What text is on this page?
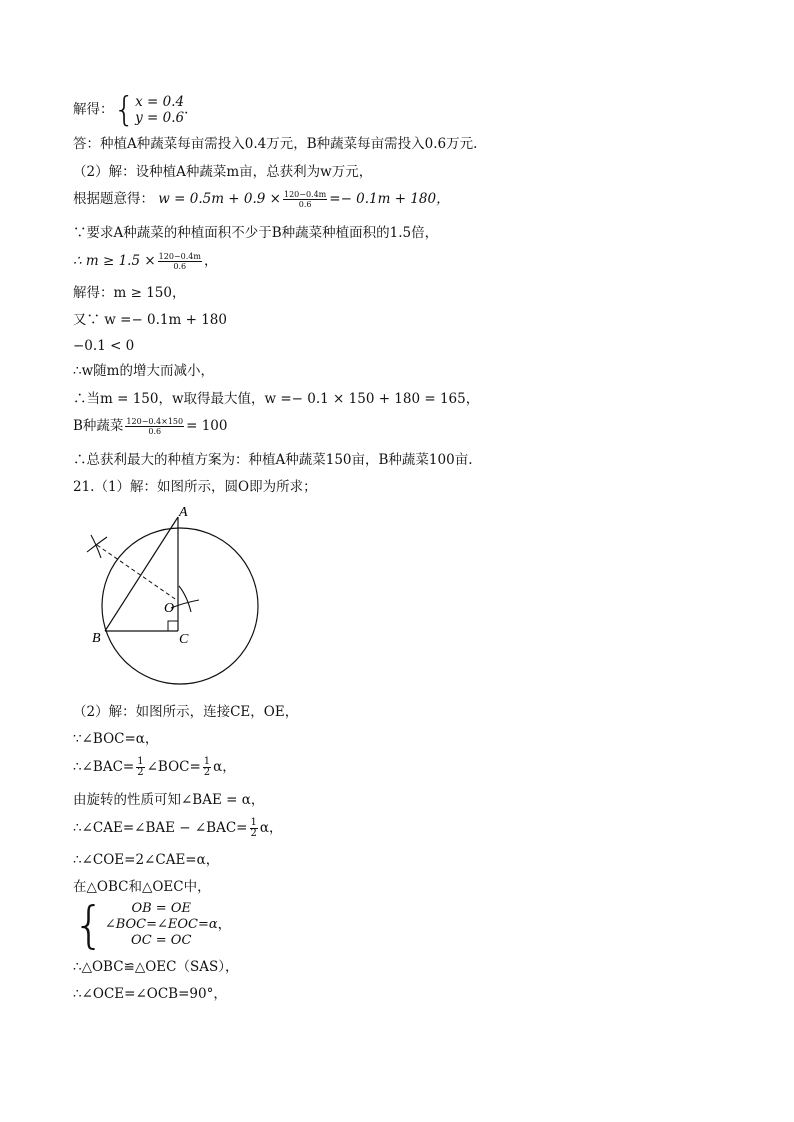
解得：{x = 0.4
y = 0.6.
答：种植A种蔬菜每亩需投入0.4万元，B种蔬菜每亩需投入0.6万元.
（2）解：设种植A种蔬菜m亩，总获利为w万元，
根据题意得： $w = 0.5m + 0.9 \times \frac{120-0.4m}{0.6} =- 0.1m + 180$，
∵要求A种蔬菜的种植面积不少于B种蔬菜种植面积的1.5倍，
∴ $m \ge 1.5 \times \frac{120-0.4m}{0.6}$ ，
解得：m ≥ 150，
又∵ w =− 0.1m + 180
−0.1 < 0
∴w随m的增大而减小，
∴当m = 150，w取得最大值，w =− 0.1 × 150 + 180 = 165，
B种蔬菜 $\frac{120-0.4\times 150}{0.6} = 100$
∴总获利最大的种植方案为：种植A种蔬菜150亩，B种蔬菜100亩.
21.（1）解：如图所示，圆O即为所求；
A
B	C
O
（2）解：如图所示，连接CE，OE，
∵∠BOC=α，
∴∠BAC= $\frac{1}{2}$ ∠BOC= $\frac{1}{2}$ α，
由旋转的性质可知∠BAE = α，
∴∠CAE=∠BAE − ∠BAC= $\frac{1}{2}$ α，
∴∠COE=2∠CAE=α，
在△OBC和△OEC中，
{ OB = OE
∠BOC=∠EOC=α
OC = OC，
∴△OBC≌△OEC（SAS），
∴∠OCE=∠OCB=90°，
